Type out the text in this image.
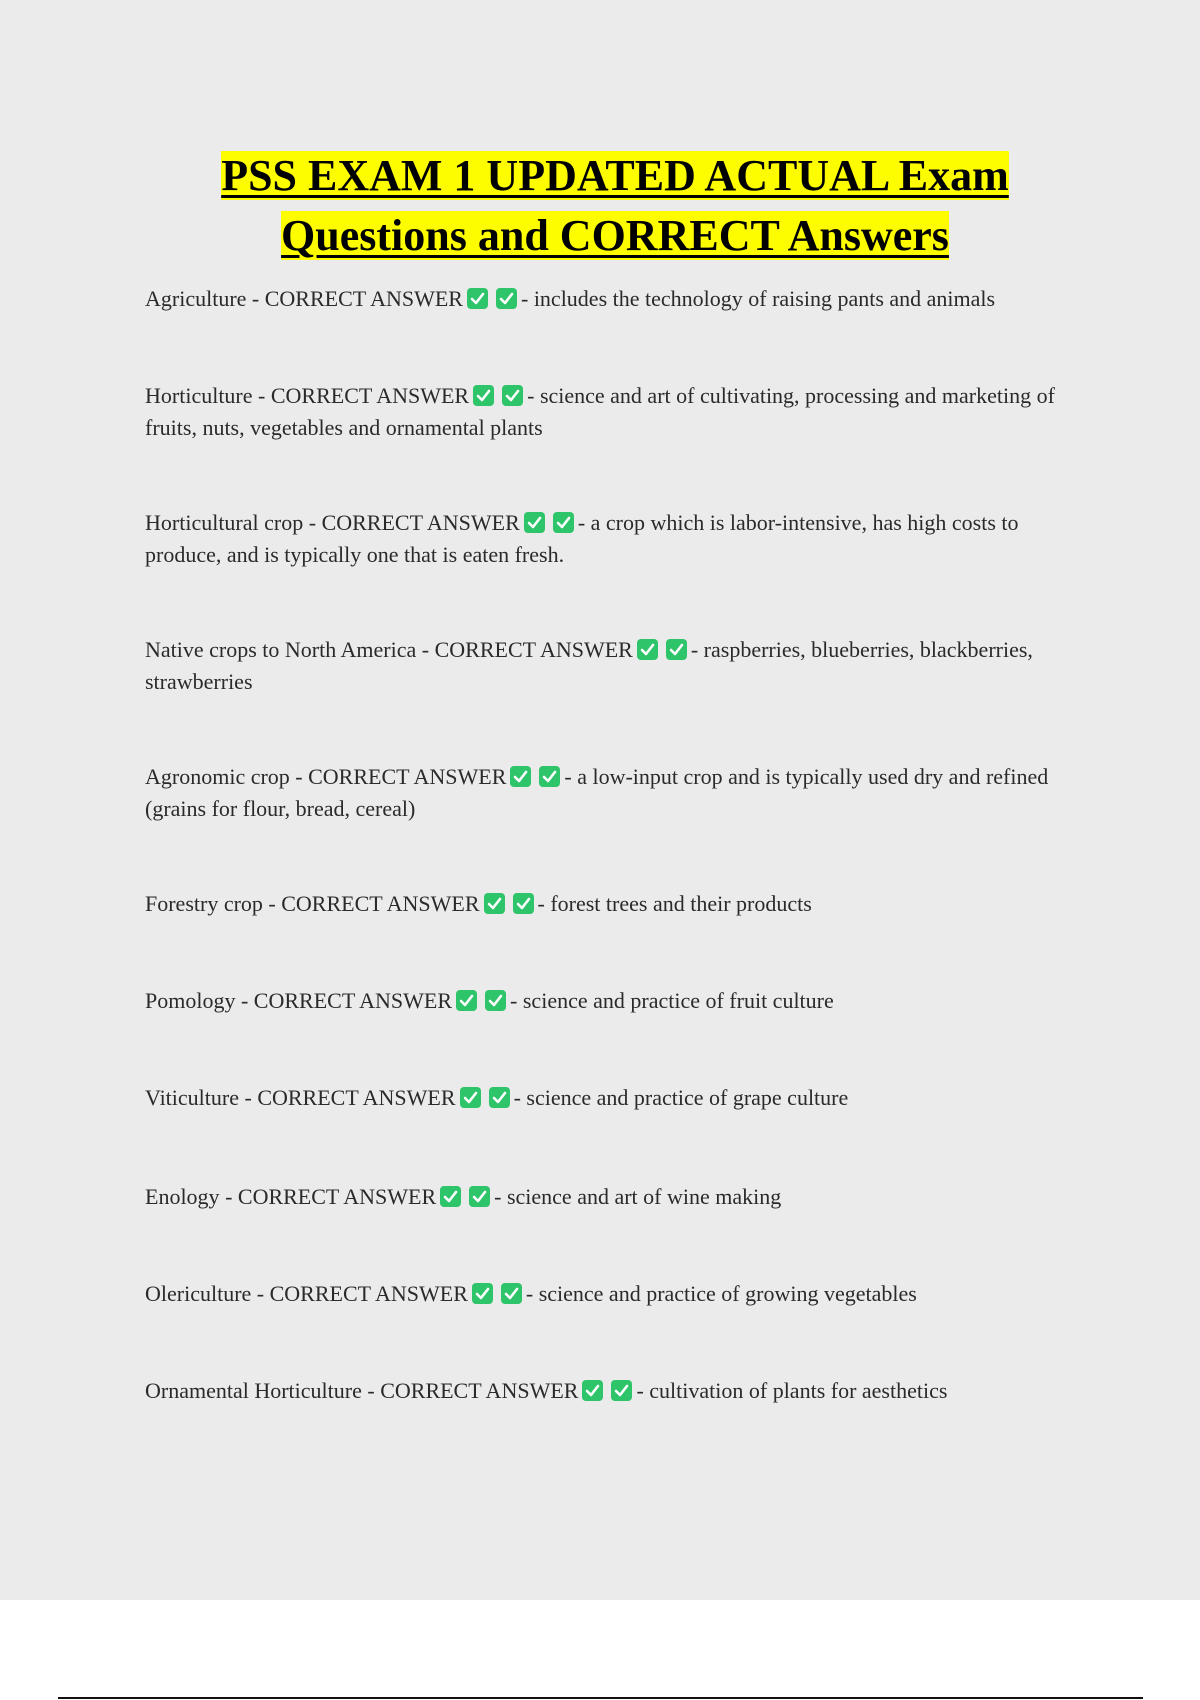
PSS EXAM 1 UPDATED ACTUAL Exam
Questions and CORRECT Answers

Agriculture - CORRECT ANSWER	- includes the technology of raising pants and animals

Horticulture - CORRECT ANSWER	- science and art of cultivating, processing and marketing of fruits, nuts, vegetables and ornamental plants

Horticultural crop - CORRECT ANSWER	- a crop which is labor-intensive, has high costs to produce, and is typically one that is eaten fresh.

Native crops to North America - CORRECT ANSWER	- raspberries, blueberries, blackberries, strawberries

Agronomic crop - CORRECT ANSWER	- a low-input crop and is typically used dry and refined (grains for flour, bread, cereal)

Forestry crop - CORRECT ANSWER	- forest trees and their products

Pomology - CORRECT ANSWER	- science and practice of fruit culture

Viticulture - CORRECT ANSWER	- science and practice of grape culture

Enology - CORRECT ANSWER	- science and art of wine making

Olericulture - CORRECT ANSWER	- science and practice of growing vegetables

Ornamental Horticulture - CORRECT ANSWER	- cultivation of plants for aesthetics
